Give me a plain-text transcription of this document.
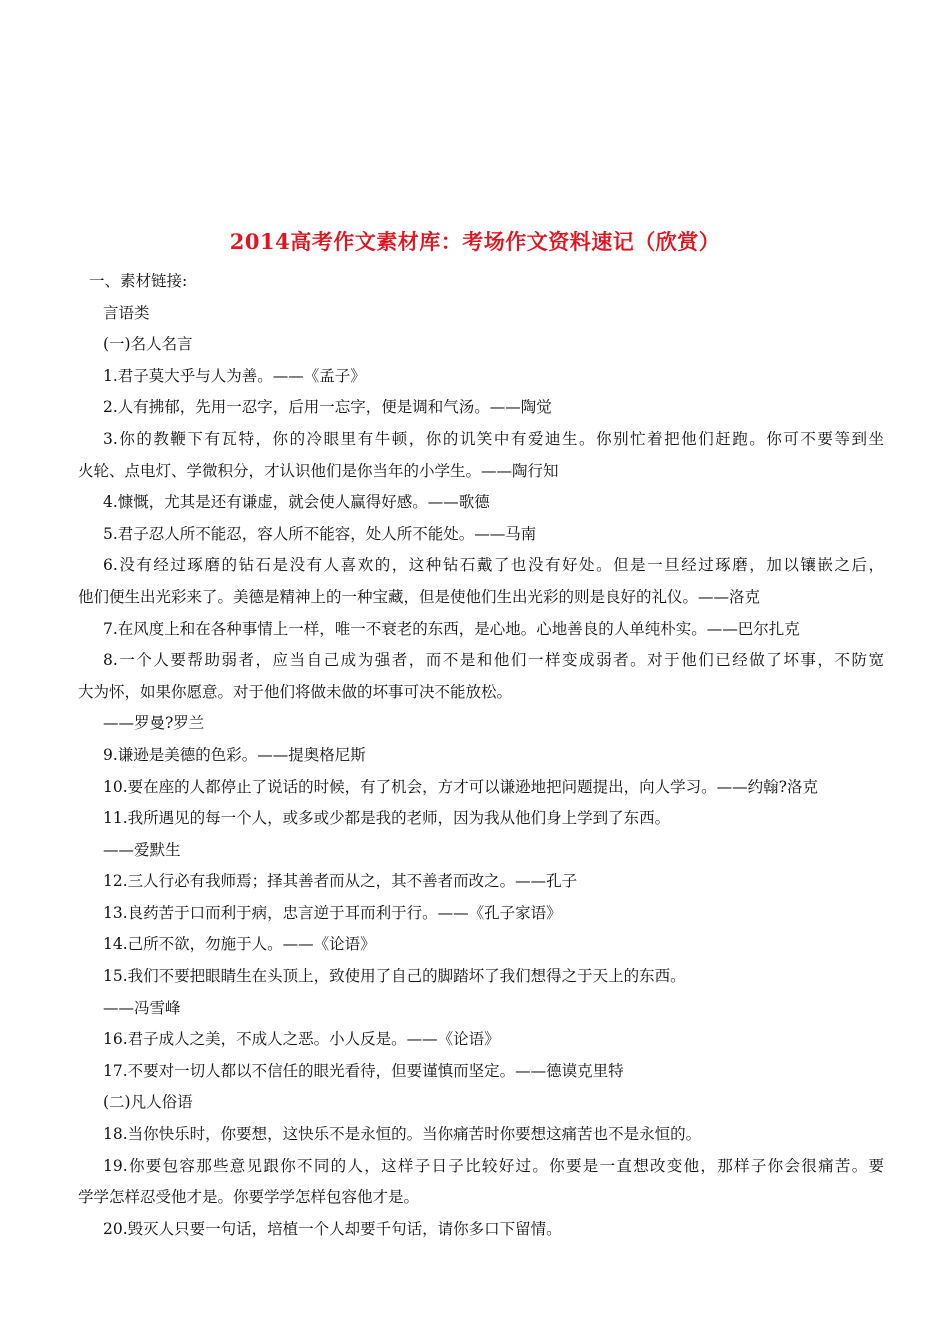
2014高考作文素材库：考场作文资料速记（欣赏）
一、素材链接:
言语类
(一)名人名言
1.君子莫大乎与人为善。——《孟子》
2.人有拂郁，先用一忍字，后用一忘字，便是调和气汤。——陶觉
3.你的教鞭下有瓦特，你的冷眼里有牛顿，你的讥笑中有爱迪生。你别忙着把他们赶跑。你可不要等到坐
火轮、点电灯、学微积分，才认识他们是你当年的小学生。——陶行知
4.慷慨，尤其是还有谦虚，就会使人赢得好感。——歌德
5.君子忍人所不能忍，容人所不能容，处人所不能处。——马南
6.没有经过琢磨的钻石是没有人喜欢的，这种钻石戴了也没有好处。但是一旦经过琢磨，加以镶嵌之后，
他们便生出光彩来了。美德是精神上的一种宝藏，但是使他们生出光彩的则是良好的礼仪。——洛克
7.在风度上和在各种事情上一样，唯一不衰老的东西，是心地。心地善良的人单纯朴实。——巴尔扎克
8.一个人要帮助弱者，应当自己成为强者，而不是和他们一样变成弱者。对于他们已经做了坏事，不防宽
大为怀，如果你愿意。对于他们将做未做的坏事可决不能放松。
——罗曼?罗兰
9.谦逊是美德的色彩。——提奥格尼斯
10.要在座的人都停止了说话的时候，有了机会，方才可以谦逊地把问题提出，向人学习。——约翰?洛克
11.我所遇见的每一个人，或多或少都是我的老师，因为我从他们身上学到了东西。
——爱默生
12.三人行必有我师焉；择其善者而从之，其不善者而改之。——孔子
13.良药苦于口而利于病，忠言逆于耳而利于行。——《孔子家语》
14.己所不欲，勿施于人。——《论语》
15.我们不要把眼睛生在头顶上，致使用了自己的脚踏坏了我们想得之于天上的东西。
——冯雪峰
16.君子成人之美，不成人之恶。小人反是。——《论语》
17.不要对一切人都以不信任的眼光看待，但要谨慎而坚定。——德谟克里特
(二)凡人俗语
18.当你快乐时，你要想，这快乐不是永恒的。当你痛苦时你要想这痛苦也不是永恒的。
19.你要包容那些意见跟你不同的人，这样子日子比较好过。你要是一直想改变他，那样子你会很痛苦。要
学学怎样忍受他才是。你要学学怎样包容他才是。
20.毁灭人只要一句话，培植一个人却要千句话，请你多口下留情。
